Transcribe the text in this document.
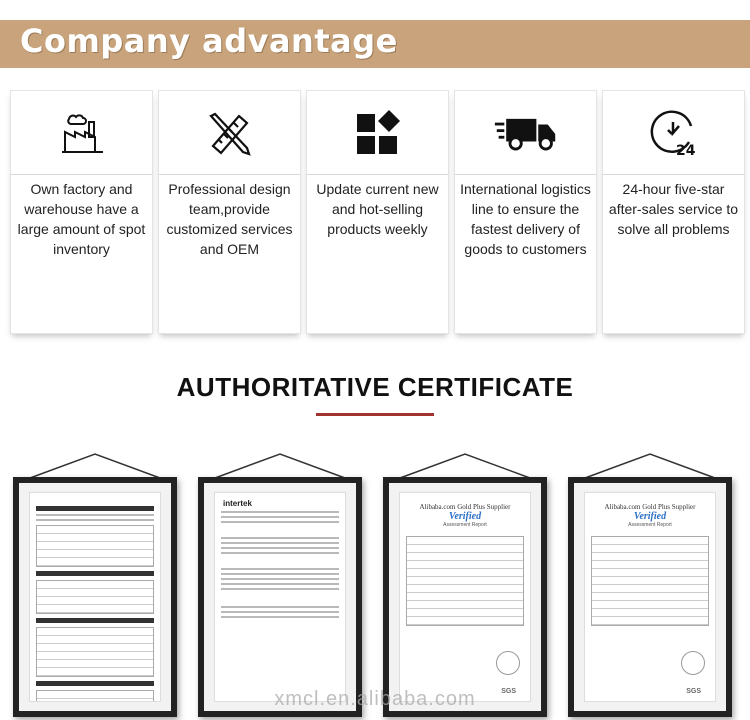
Company advantage
Own factory and warehouse have a large amount of spot inventory
Professional design team,provide customized services and OEM
Update current new and hot-selling products weekly
International logistics line to ensure the fastest delivery of goods to customers
24
24-hour five-star after-sales service to solve all problems
AUTHORITATIVE CERTIFICATE
intertek	Alibaba.com Gold Plus Supplier
Verified
Assessment Report
SGS
Alibaba.com Gold Plus Supplier
Verified
Assessment Report
SGS
xmcl.en.alibaba.com
